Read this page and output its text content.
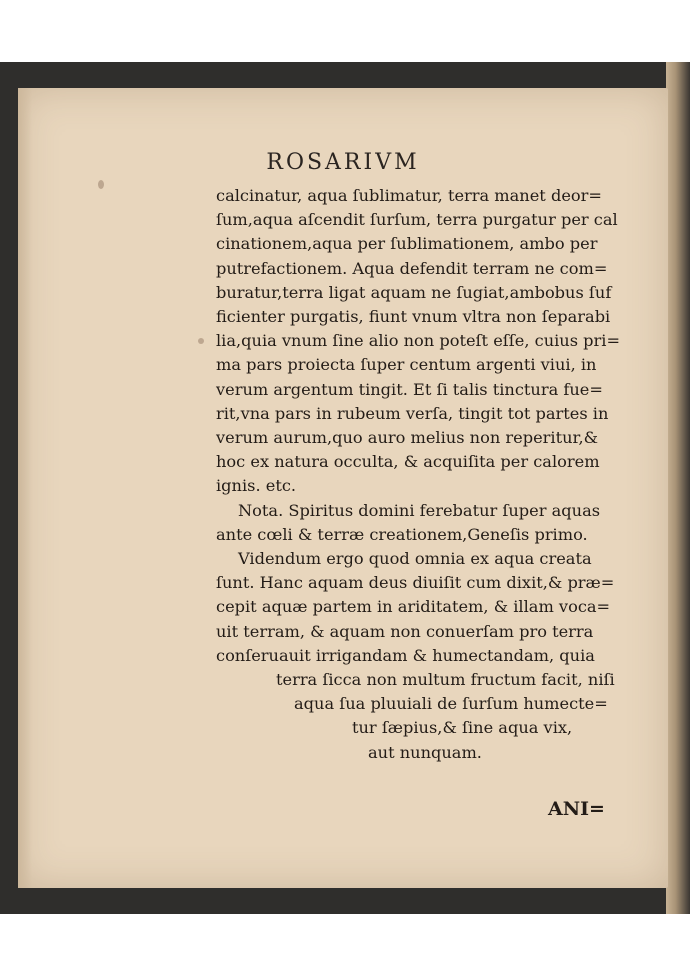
ROSARIVM
calcinatur, aqua ſublimatur, terra manet deor=
ſum,aqua aſcendit ſurſum, terra purgatur per cal
cinationem,aqua per ſublimationem, ambo per
putrefactionem. Aqua defendit terram ne com=
buratur,terra ligat aquam ne ſugiat,ambobus ſuf
ficienter purgatis, fiunt vnum vltra non ſeparabi
lia,quia vnum ſine alio non poteſt eſſe, cuius pri=
ma pars proiecta ſuper centum argenti viui, in
verum argentum tingit. Et ſi talis tinctura fue=
rit,vna pars in rubeum verſa, tingit tot partes in
verum aurum,quo auro melius non reperitur,&
hoc ex natura occulta, & acquiſita per calorem
ignis. etc.
Nota. Spiritus domini ferebatur ſuper aquas
ante cœli & terræ creationem,Geneſis primo.
Videndum ergo quod omnia ex aqua creata
ſunt. Hanc aquam deus diuiſit cum dixit,& præ=
cepit aquæ partem in ariditatem, & illam voca=
uit terram, & aquam non conuerſam pro terra
conſeruauit irrigandam & humectandam, quia
terra ſicca non multum fructum facit, niſi
aqua ſua pluuiali de ſurſum humecte=
tur ſæpius,& ſine aqua vix,
aut nunquam.
ANI=
